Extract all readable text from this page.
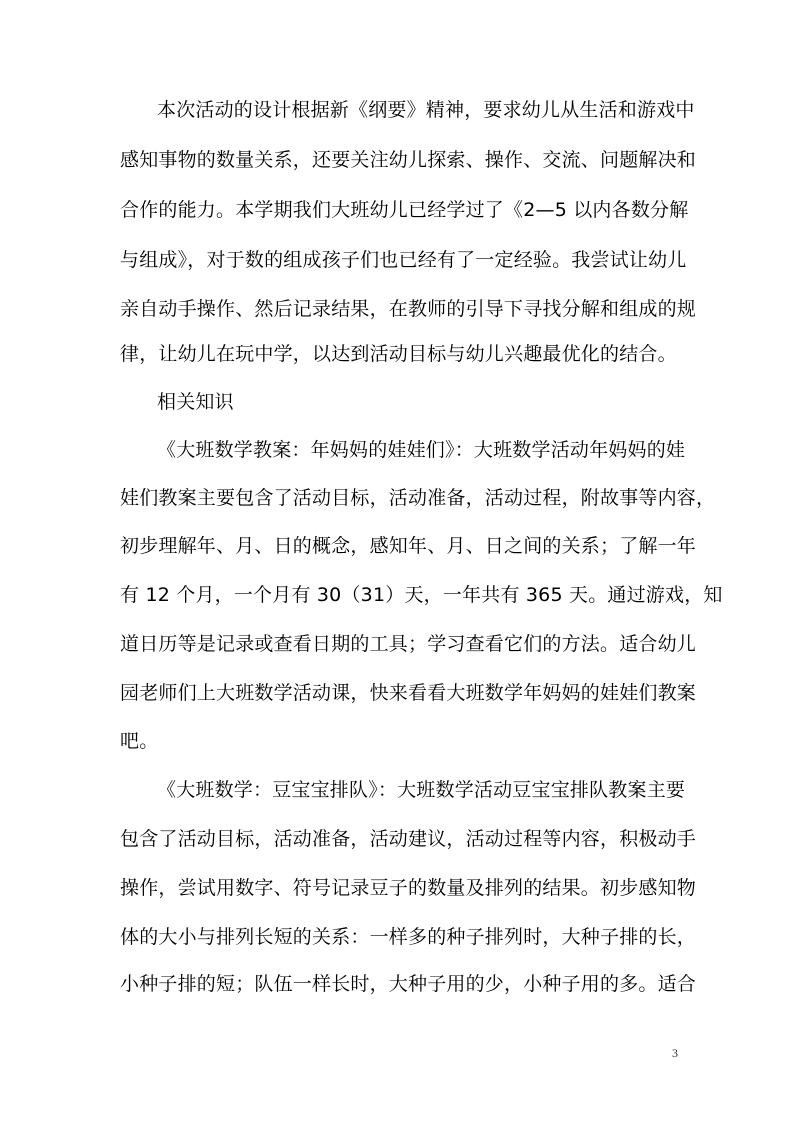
本次活动的设计根据新《纲要》精神，要求幼儿从生活和游戏中
感知事物的数量关系，还要关注幼儿探索、操作、交流、问题解决和
合作的能力。本学期我们大班幼儿已经学过了《2—5 以内各数分解
与组成》，对于数的组成孩子们也已经有了一定经验。我尝试让幼儿
亲自动手操作、然后记录结果，在教师的引导下寻找分解和组成的规
律，让幼儿在玩中学，以达到活动目标与幼儿兴趣最优化的结合。
相关知识
《大班数学教案：年妈妈的娃娃们》：大班数学活动年妈妈的娃
娃们教案主要包含了活动目标，活动准备，活动过程，附故事等内容，
初步理解年、月、日的概念，感知年、月、日之间的关系；了解一年
有 12 个月，一个月有 30（31）天，一年共有 365 天。通过游戏，知
道日历等是记录或查看日期的工具；学习查看它们的方法。适合幼儿
园老师们上大班数学活动课，快来看看大班数学年妈妈的娃娃们教案
吧。
《大班数学：豆宝宝排队》：大班数学活动豆宝宝排队教案主要
包含了活动目标，活动准备，活动建议，活动过程等内容，积极动手
操作，尝试用数字、符号记录豆子的数量及排列的结果。初步感知物
体的大小与排列长短的关系：一样多的种子排列时，大种子排的长，
小种子排的短；队伍一样长时，大种子用的少，小种子用的多。适合
3
